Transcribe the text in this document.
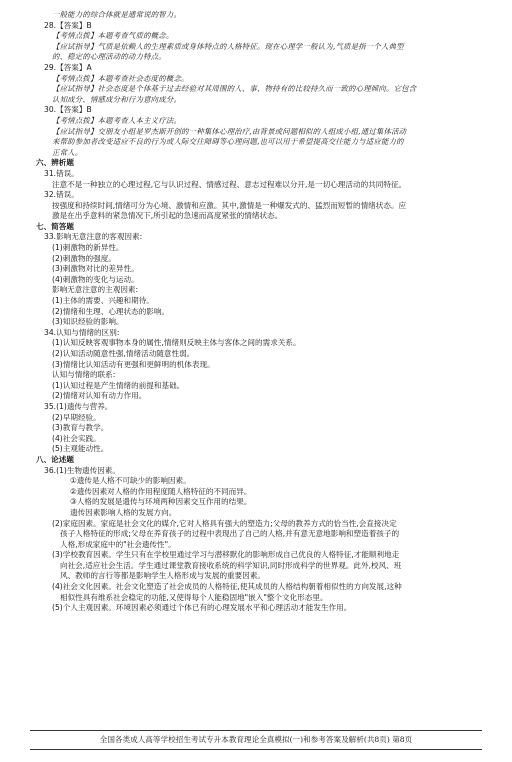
一般能力的综合体就是通常说的智力。
28.【答案】B
【考情点拨】本题考查气质的概念。
【应试指导】气质是依赖人的生理素质或身体特点的人格特征。现在心理学一般认为,气质是指一个人典型
的、稳定的心理活动的动力特点。
29.【答案】A
【考情点拨】本题考查社会态度的概念。
【应试指导】社会态度是个体基于过去经验对其周围的人、事、物持有的比较持久而一致的心理倾向。它包含
认知成分、情感成分和行为意向成分。
30.【答案】B
【考情点拨】本题考查人本主义疗法。
【应试指导】交朋友小组是罗杰斯开创的一种集体心理治疗,由背景或问题相似的人组成小组,通过集体活动
来帮助参加者改变适应不良的行为或人际交往障碍等心理问题,也可以用于希望提高交往能力与适应能力的
正常人。
六、辨析题
31.错误。
注意不是一种独立的心理过程,它与认识过程、情感过程、意志过程难以分开,是一切心理活动的共同特征。
32.错误。
按强度和持续时间,情绪可分为心境、激情和应激。其中,激情是一种爆发式的、猛烈而短暂的情绪状态。应
激是在出乎意料的紧急情况下,所引起的急速而高度紧张的情绪状态。
七、简答题
33.影响无意注意的客观因素:
(1)刺激物的新异性。
(2)刺激物的强度。
(3)刺激物对比的差异性。
(4)刺激物的变化与运动。
影响无意注意的主观因素:
(1)主体的需要、兴趣和期待。
(2)情绪和生理、心理状态的影响。
(3)知识经验的影响。
34.认知与情绪的区别:
(1)认知反映客观事物本身的属性,情绪则反映主体与客体之间的需求关系。
(2)认知活动随意性强,情绪活动随意性弱。
(3)情绪比认知活动有更强和更鲜明的机体表现。
认知与情绪的联系:
(1)认知过程是产生情绪的前提和基础。
(2)情绪对认知有动力作用。
35.(1)遗传与营养。
(2)早期经验。
(3)教育与教学。
(4)社会实践。
(5)主观能动性。
八、论述题
36.(1)生物遗传因素。
①遗传是人格不可缺少的影响因素。
②遗传因素对人格的作用程度随人格特征的不同而异。
③人格的发展是遗传与环境两种因素交互作用的结果。
遗传因素影响人格的发展方向。
(2)家庭因素。家庭是社会文化的媒介,它对人格具有强大的塑造力;父母的教养方式的恰当性,会直接决定
孩子人格特征的形成;父母在养育孩子的过程中表现出了自己的人格,并有意无意地影响和塑造着孩子的
人格,形成家庭中的"社会遗传性"。
(3)学校教育因素。学生只有在学校里通过学习与潜移默化的影响形成自己优良的人格特征,才能顺利地走
向社会,适应社会生活。学生通过课堂教育接收系统的科学知识,同时形成科学的世界观。此外,校风、班
风、教师的言行等都是影响学生人格形成与发展的重要因素。
(4)社会文化因素。社会文化塑造了社会成员的人格特征,使其成员的人格结构朝着相似性的方向发展,这种
相似性具有维系社会稳定的功能,又使得每个人能稳固地"嵌入"整个文化形态里。
(5)个人主观因素。环境因素必须通过个体已有的心理发展水平和心理活动才能发生作用。
全国各类成人高等学校招生考试专升本教育理论全真模拟(一)和参考答案及解析(共8页) 第8页
